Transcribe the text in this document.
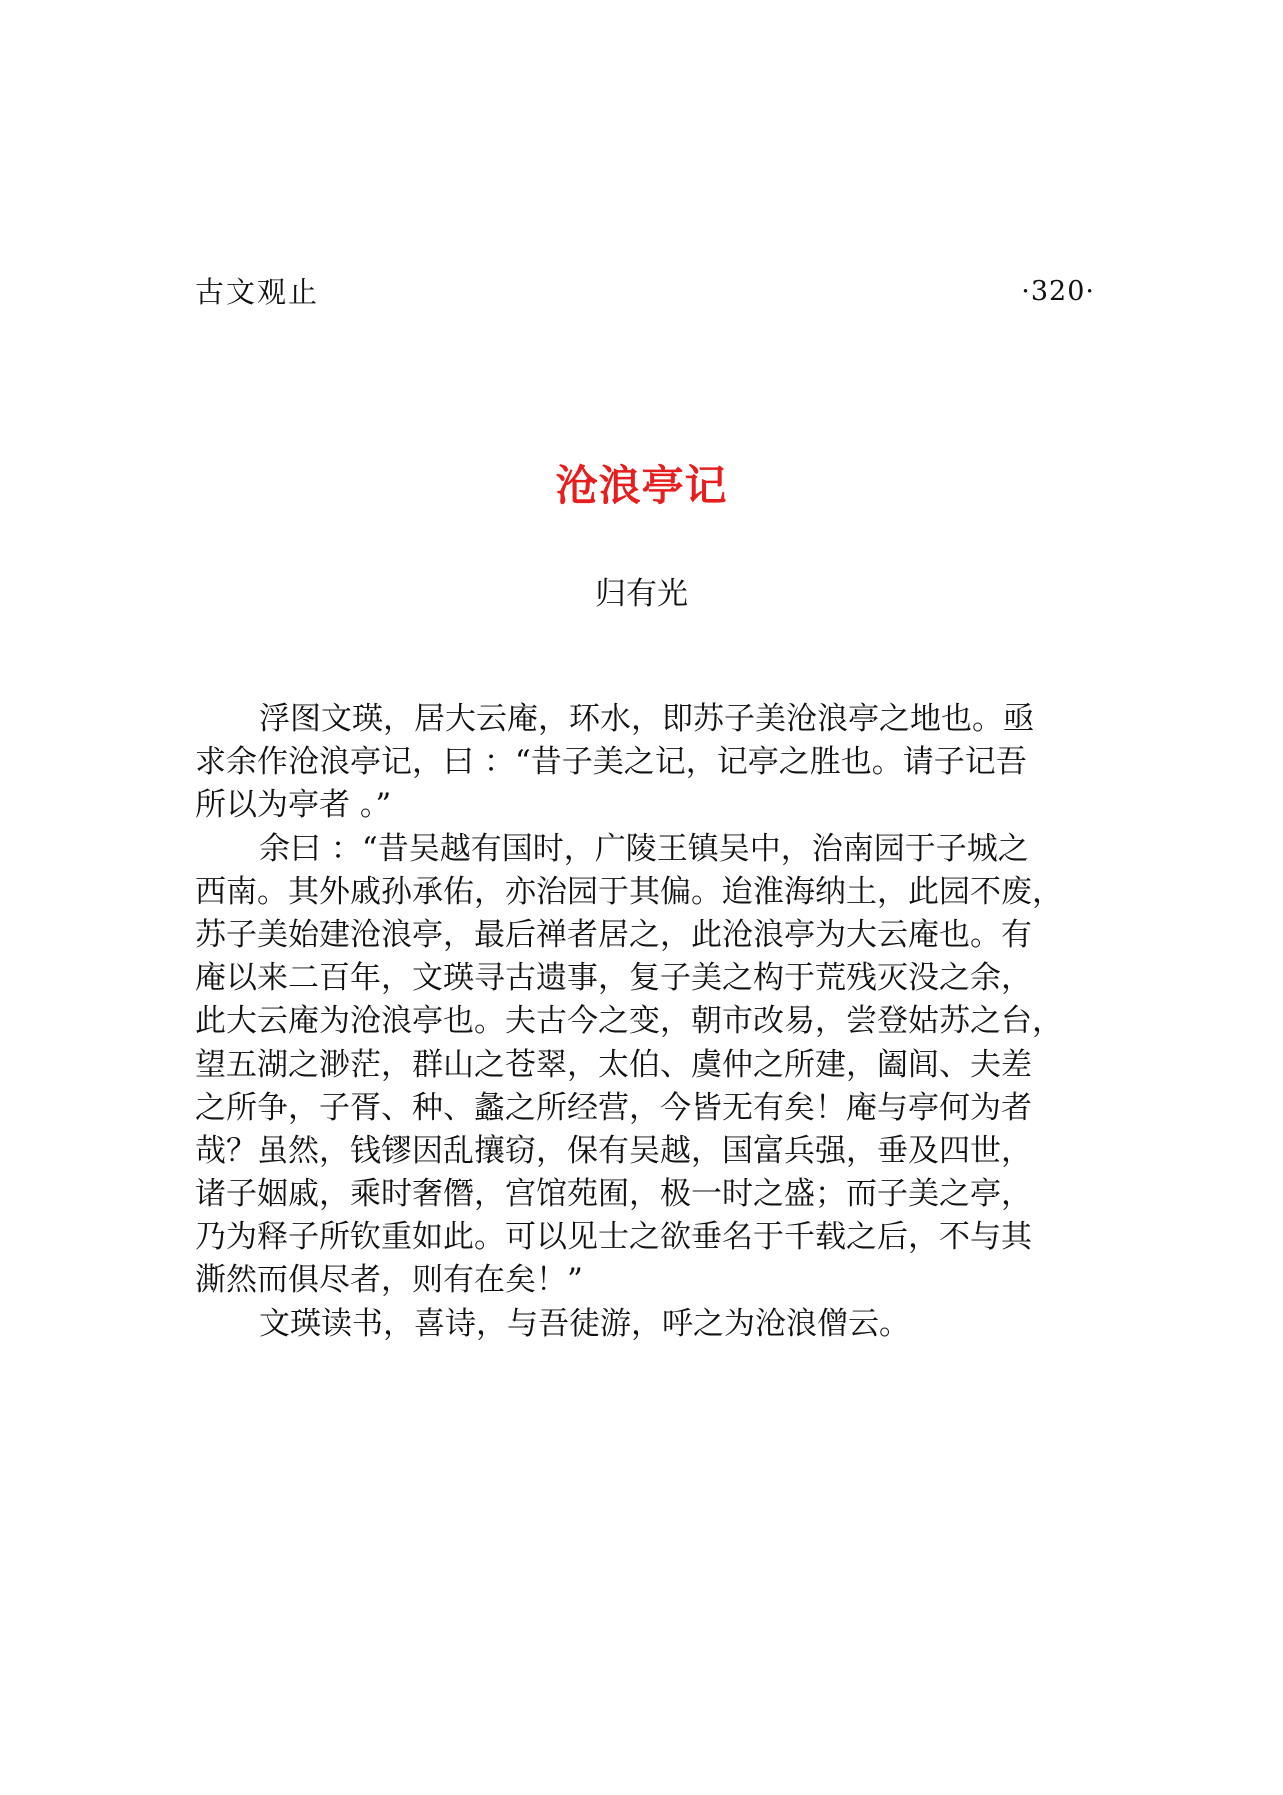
古文观止	·320·
沧浪亭记
归有光
浮图文瑛，居大云庵，环水，即苏子美沧浪亭之地也。亟
求余作沧浪亭记，曰 ：“昔子美之记，记亭之胜也。请子记吾
所以为亭者 。”
余曰 ：“昔吴越有国时，广陵王镇吴中，治南园于子城之
西南。其外戚孙承佑，亦治园于其偏。迨淮海纳土，此园不废，
苏子美始建沧浪亭，最后禅者居之，此沧浪亭为大云庵也。有
庵以来二百年，文瑛寻古遗事，复子美之构于荒残灭没之余，
此大云庵为沧浪亭也。夫古今之变，朝市改易，尝登姑苏之台，
望五湖之渺茫，群山之苍翠，太伯、虞仲之所建，阖闾、夫差
之所争，子胥、种、蠡之所经营，今皆无有矣！庵与亭何为者
哉？虽然，钱镠因乱攘窃，保有吴越，国富兵强，垂及四世，
诸子姻戚，乘时奢僭，宫馆苑囿，极一时之盛；而子美之亭，
乃为释子所钦重如此。可以见士之欲垂名于千载之后，不与其
澌然而俱尽者，则有在矣！”
文瑛读书，喜诗，与吾徒游，呼之为沧浪僧云。
